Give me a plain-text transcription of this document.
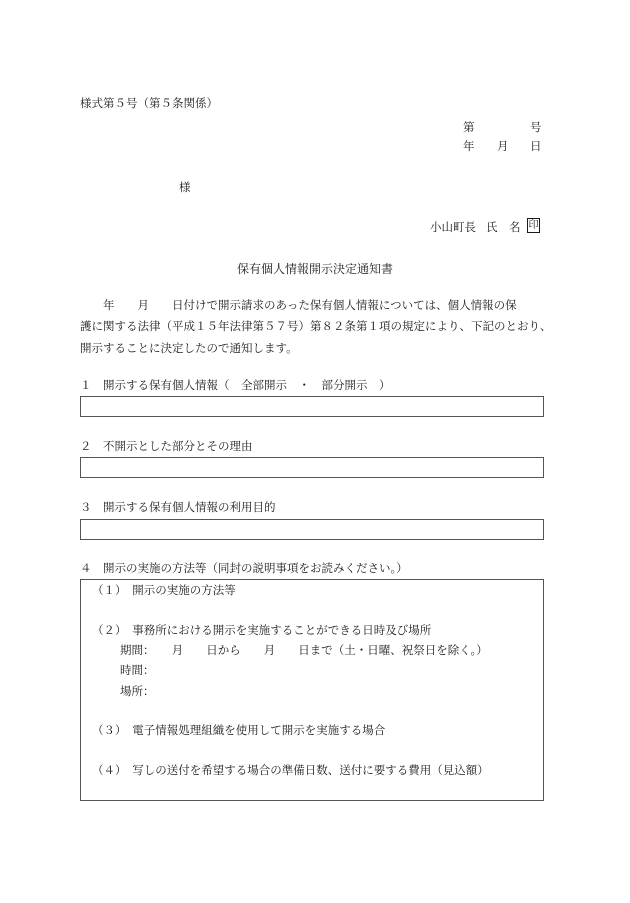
様式第５号（第５条関係）
第	号
年 月 日
様
小山町長 氏　名 印
保有個人情報開示決定通知書
　　年　　月　　日付けで開示請求のあった保有個人情報については、個人情報の保
護に関する法律（平成１５年法律第５７号）第８２条第１項の規定により、下記のとおり、
開示することに決定したので通知します。
１　開示する保有個人情報（　全部開示　・　部分開示　）
２　不開示とした部分とその理由
３　開示する保有個人情報の利用目的
４　開示の実施の方法等（同封の説明事項をお読みください。）
（１）　開示の実施の方法等
（２）　事務所における開示を実施することができる日時及び場所
期間：　　月　　日から　　月　　日まで（土・日曜、祝祭日を除く。）
時間：
場所：
（３）　電子情報処理組織を使用して開示を実施する場合
（４）　写しの送付を希望する場合の準備日数、送付に要する費用（見込額）
